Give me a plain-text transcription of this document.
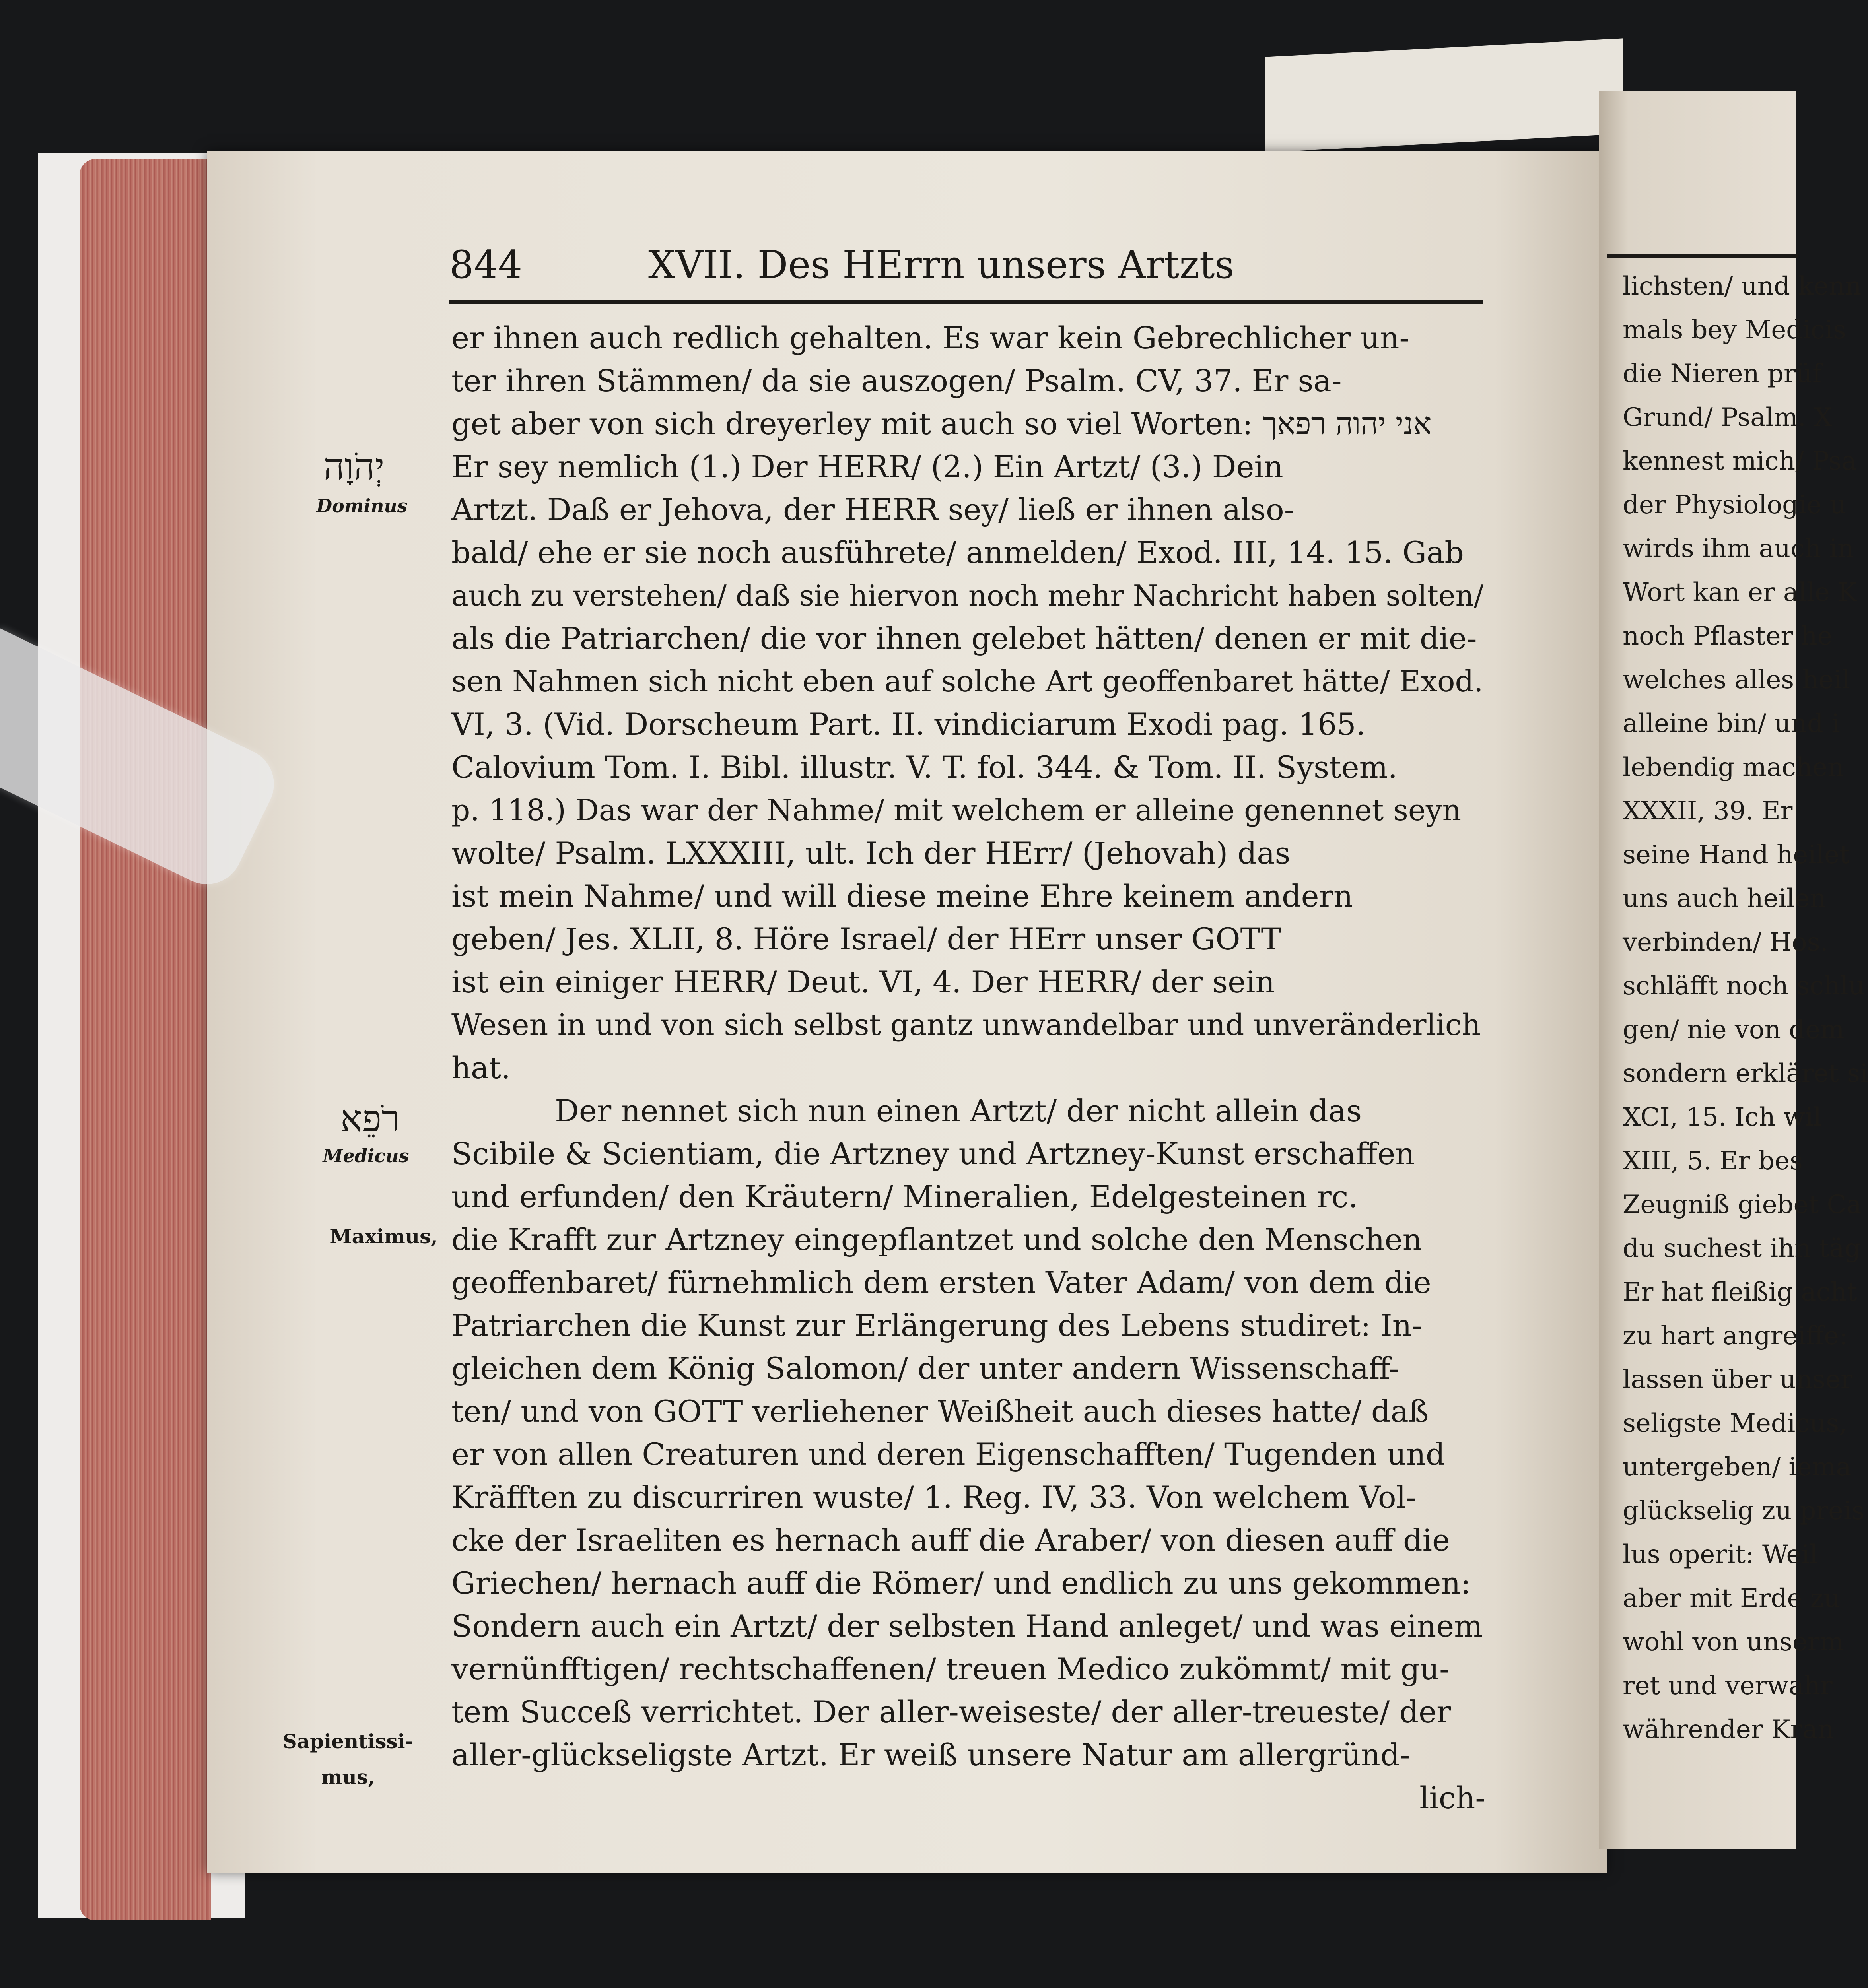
844	XVII. Des HErrn unsers Artzts
יְהֹוָה
Dominus
רֹפֵא
Medicus
Maximus,
Sapientissi-
mus,
er ihnen auch redlich gehalten. Es war kein Gebrechlicher un-
ter ihren Stämmen/ da sie auszogen/ Psalm. CV, 37. Er sa-
get aber von sich dreyerley mit auch so viel Worten: אני יהוה רפאך
Er sey nemlich (1.) Der HERR/ (2.) Ein Artzt/ (3.) Dein
Artzt. Daß er Jehova, der HERR sey/ ließ er ihnen also-
bald/ ehe er sie noch ausführete/ anmelden/ Exod. III, 14. 15. Gab
auch zu verstehen/ daß sie hiervon noch mehr Nachricht haben solten/
als die Patriarchen/ die vor ihnen gelebet hätten/ denen er mit die-
sen Nahmen sich nicht eben auf solche Art geoffenbaret hätte/ Exod.
VI, 3. (Vid. Dorscheum Part. II. vindiciarum Exodi pag. 165.
Calovium Tom. I. Bibl. illustr. V. T. fol. 344. & Tom. II. System.
p. 118.) Das war der Nahme/ mit welchem er alleine genennet seyn
wolte/ Psalm. LXXXIII, ult. Ich der HErr/ (Jehovah) das
ist mein Nahme/ und will diese meine Ehre keinem andern
geben/ Jes. XLII, 8. Höre Israel/ der HErr unser GOTT
ist ein einiger HERR/ Deut. VI, 4. Der HERR/ der sein
Wesen in und von sich selbst gantz unwandelbar und unveränderlich
hat.
Der nennet sich nun einen Artzt/ der nicht allein das
Scibile & Scientiam, die Artzney und Artzney-Kunst erschaffen
und erfunden/ den Kräutern/ Mineralien, Edelgesteinen rc.
die Krafft zur Artzney eingepflantzet und solche den Menschen
geoffenbaret/ fürnehmlich dem ersten Vater Adam/ von dem die
Patriarchen die Kunst zur Erlängerung des Lebens studiret: In-
gleichen dem König Salomon/ der unter andern Wissenschaff-
ten/ und von GOTT verliehener Weißheit auch dieses hatte/ daß
er von allen Creaturen und deren Eigenschafften/ Tugenden und
Kräfften zu discurriren wuste/ 1. Reg. IV, 33. Von welchem Vol-
cke der Israeliten es hernach auff die Araber/ von diesen auff die
Griechen/ hernach auff die Römer/ und endlich zu uns gekommen:
Sondern auch ein Artzt/ der selbsten Hand anleget/ und was einem
vernünfftigen/ rechtschaffenen/ treuen Medico zukömmt/ mit gu-
tem Succeß verrichtet. Der aller-weiseste/ der aller-treueste/ der
aller-glückseligste Artzt. Er weiß unsere Natur am allergründ-
lich-
lichsten/ und kenn
mals bey Medicis
die Nieren prüf
Grund/ Psalm. X
kennest mich/ Psa
der Physiologie u
wirds ihm auch in
Wort kan er alle K
noch Pflaster he
welches alles heil
alleine bin/ und i
lebendig machen
XXXII, 39. Er
seine Hand heilet
uns auch heilen
verbinden/ Hos.
schläfft noch schlu
gen/ nie von dem
sondern erkläret si
XCI, 15. Ich wil
XIII, 5. Er bes
Zeugniß giebet Ca
du suchest ihn täg
Er hat fleißig acht
zu hart angreiffe:
lassen über unser
seligste Medicus,
untergeben/ iema
glückselig zu preis
lus operit: Weil
aber mit Erde zu
wohl von unserm
ret und verwahr
währender Kran
